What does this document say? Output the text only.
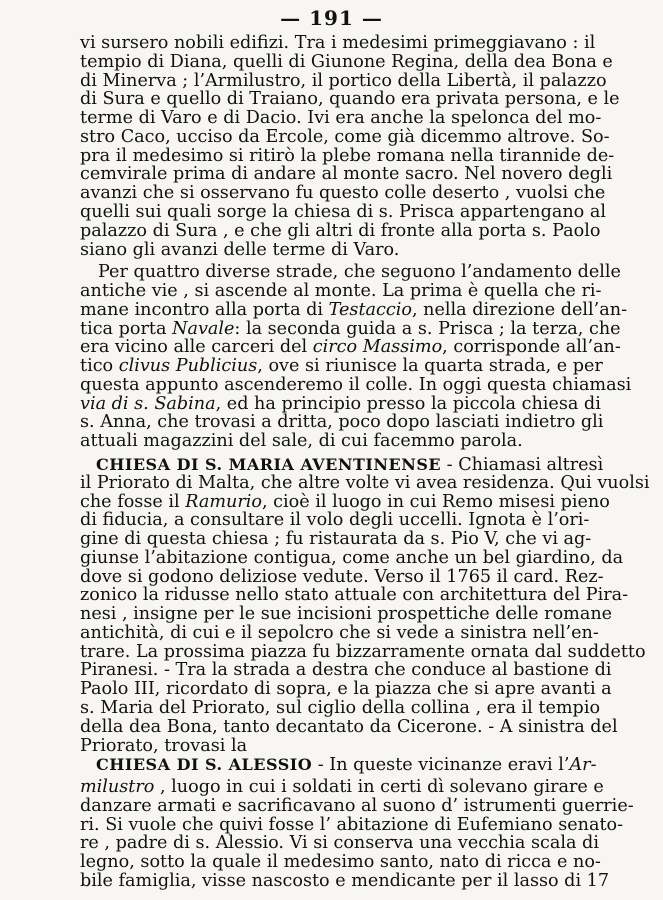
— 191 —
vi sursero nobili edifizi. Tra i medesimi primeggiavano : il
tempio di Diana, quelli di Giunone Regina, della dea Bona e
di Minerva ; l’Armilustro, il portico della Libertà, il palazzo
di Sura e quello di Traiano, quando era privata persona, e le
terme di Varo e di Dacio. Ivi era anche la spelonca del mo-
stro Caco, ucciso da Ercole, come già dicemmo altrove. So-
pra il medesimo si ritirò la plebe romana nella tirannide de-
cemvirale prima di andare al monte sacro. Nel novero degli
avanzi che si osservano fu questo colle deserto , vuolsi che
quelli sui quali sorge la chiesa di s. Prisca appartengano al
palazzo di Sura , e che gli altri di fronte alla porta s. Paolo
siano gli avanzi delle terme di Varo.
Per quattro diverse strade, che seguono l’andamento delle
antiche vie , si ascende al monte. La prima è quella che ri-
mane incontro alla porta di Testaccio, nella direzione dell’an-
tica porta Navale: la seconda guida a s. Prisca ; la terza, che
era vicino alle carceri del circo Massimo, corrisponde all’an-
tico clivus Publicius, ove si riunisce la quarta strada, e per
questa appunto ascenderemo il colle. In oggi questa chiamasi
via di s. Sabina, ed ha principio presso la piccola chiesa di
s. Anna, che trovasi a dritta, poco dopo lasciati indietro gli
attuali magazzini del sale, di cui facemmo parola.
CHIESA DI S. MARIA AVENTINENSE - Chiamasi altresì
il Priorato di Malta, che altre volte vi avea residenza. Qui vuolsi
che fosse il Ramurio, cioè il luogo in cui Remo misesi pieno
di fiducia, a consultare il volo degli uccelli. Ignota è l’ori-
gine di questa chiesa ; fu ristaurata da s. Pio V, che vi ag-
giunse l’abitazione contigua, come anche un bel giardino, da
dove si godono deliziose vedute. Verso il 1765 il card. Rez-
zonico la ridusse nello stato attuale con architettura del Pira-
nesi , insigne per le sue incisioni prospettiche delle romane
antichità, di cui e il sepolcro che si vede a sinistra nell’en-
trare. La prossima piazza fu bizzarramente ornata dal suddetto
Piranesi. - Tra la strada a destra che conduce al bastione di
Paolo III, ricordato di sopra, e la piazza che si apre avanti a
s. Maria del Priorato, sul ciglio della collina , era il tempio
della dea Bona, tanto decantato da Cicerone. - A sinistra del
Priorato, trovasi la
CHIESA DI S. ALESSIO - In queste vicinanze eravi l’Ar-
milustro , luogo in cui i soldati in certi dì solevano girare e
danzare armati e sacrificavano al suono d’ istrumenti guerrie-
ri. Si vuole che quivi fosse l’ abitazione di Eufemiano senato-
re , padre di s. Alessio. Vi si conserva una vecchia scala di
legno, sotto la quale il medesimo santo, nato di ricca e no-
bile famiglia, visse nascosto e mendicante per il lasso di 17
